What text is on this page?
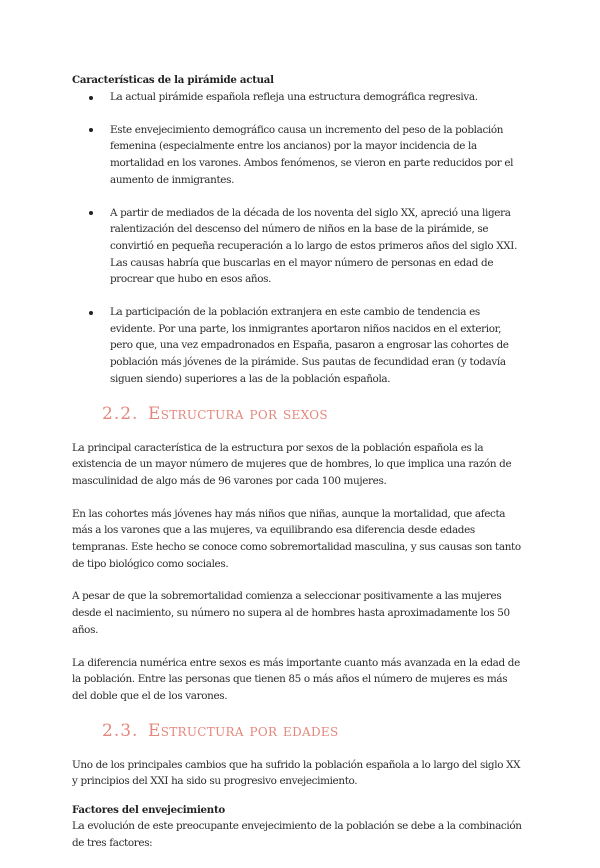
Características de la pirámide actual

La actual pirámide española refleja una estructura demográfica regresiva.
Este envejecimiento demográfico causa un incremento del peso de la población femenina (especialmente entre los ancianos) por la mayor incidencia de la mortalidad en los varones. Ambos fenómenos, se vieron en parte reducidos por el aumento de inmigrantes.
A partir de mediados de la década de los noventa del siglo XX, apreció una ligera ralentización del descenso del número de niños en la base de la pirámide, se convirtió en pequeña recuperación a lo largo de estos primeros años del siglo XXI. Las causas habría que buscarlas en el mayor número de personas en edad de procrear que hubo en esos años.
La participación de la población extranjera en este cambio de tendencia es evidente. Por una parte, los inmigrantes aportaron niños nacidos en el exterior, pero que, una vez empadronados en España, pasaron a engrosar las cohortes de población más jóvenes de la pirámide. Sus pautas de fecundidad eran (y todavía siguen siendo) superiores a las de la población española.
2.2. Estructura por sexos

La principal característica de la estructura por sexos de la población española es la existencia de un mayor número de mujeres que de hombres, lo que implica una razón de masculinidad de algo más de 96 varones por cada 100 mujeres.

En las cohortes más jóvenes hay más niños que niñas, aunque la mortalidad, que afecta más a los varones que a las mujeres, va equilibrando esa diferencia desde edades tempranas. Este hecho se conoce como sobremortalidad masculina, y sus causas son tanto de tipo biológico como sociales.

A pesar de que la sobremortalidad comienza a seleccionar positivamente a las mujeres desde el nacimiento, su número no supera al de hombres hasta aproximadamente los 50 años.

La diferencia numérica entre sexos es más importante cuanto más avanzada en la edad de la población. Entre las personas que tienen 85 o más años el número de mujeres es más del doble que el de los varones.

2.3. Estructura por edades

Uno de los principales cambios que ha sufrido la población española a lo largo del siglo XX y principios del XXI ha sido su progresivo envejecimiento.

Factores del envejecimiento

La evolución de este preocupante envejecimiento de la población se debe a la combinación de tres factores:
